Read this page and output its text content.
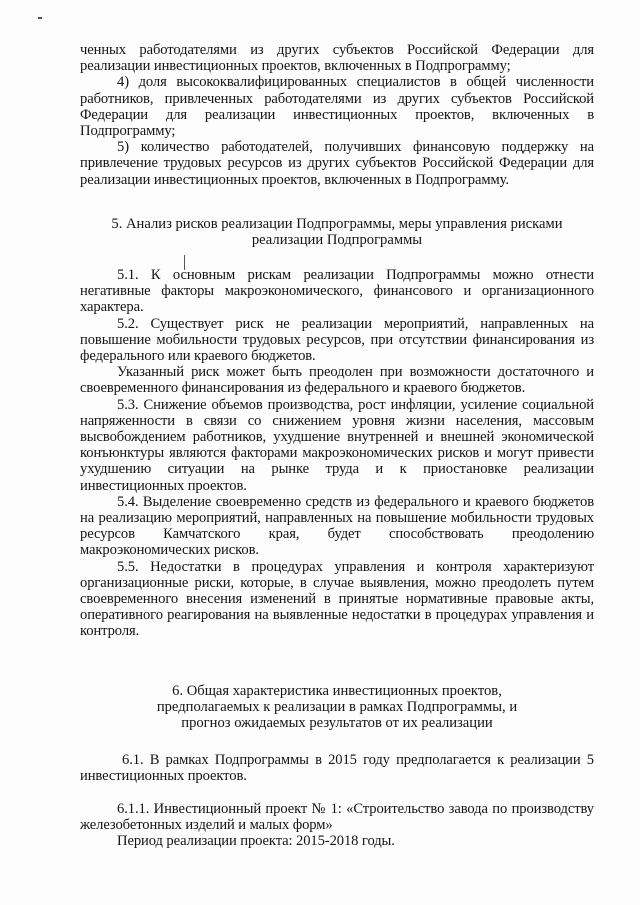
ченных работодателями из других субъектов Российской Федерации для реализации инвестиционных проектов, включенных в Подпрограмму;

4) доля высококвалифицированных специалистов в общей численности работников, привлеченных работодателями из других субъектов Российской Федерации для реализации инвестиционных проектов, включенных в Подпрограмму;

5) количество работодателей, получивших финансовую поддержку на привлечение трудовых ресурсов из других субъектов Российской Федерации для реализации инвестиционных проектов, включенных в Подпрограмму.

5. Анализ рисков реализации Подпрограммы, меры управления рисками
реализации Подпрограммы

5.1. К основным рискам реализации Подпрограммы можно отнести негативные факторы макроэкономического, финансового и организационного характера.

5.2. Существует риск не реализации мероприятий, направленных на повышение мобильности трудовых ресурсов, при отсутствии финансирования из федерального или краевого бюджетов.

Указанный риск может быть преодолен при возможности достаточного и своевременного финансирования из федерального и краевого бюджетов.

5.3. Снижение объемов производства, рост инфляции, усиление социальной напряженности в связи со снижением уровня жизни населения, массовым высвобождением работников, ухудшение внутренней и внешней экономической конъюнктуры являются факторами макроэкономических рисков и могут привести ухудшению ситуации на рынке труда и к приостановке реализации инвестиционных проектов.

5.4. Выделение своевременно средств из федерального и краевого бюджетов на реализацию мероприятий, направленных на повышение мобильности трудовых ресурсов Камчатского края, будет способствовать преодолению макроэкономических рисков.

5.5. Недостатки в процедурах управления и контроля характеризуют организационные риски, которые, в случае выявления, можно преодолеть путем своевременного внесения изменений в принятые нормативные правовые акты, оперативного реагирования на выявленные недостатки в процедурах управления и контроля.

6. Общая характеристика инвестиционных проектов,
предполагаемых к реализации в рамках Подпрограммы, и
прогноз ожидаемых результатов от их реализации

6.1. В рамках Подпрограммы в 2015 году предполагается к реализации 5 инвестиционных проектов.

6.1.1. Инвестиционный проект № 1: «Строительство завода по производству железобетонных изделий и малых форм»

Период реализации проекта: 2015-2018 годы.
